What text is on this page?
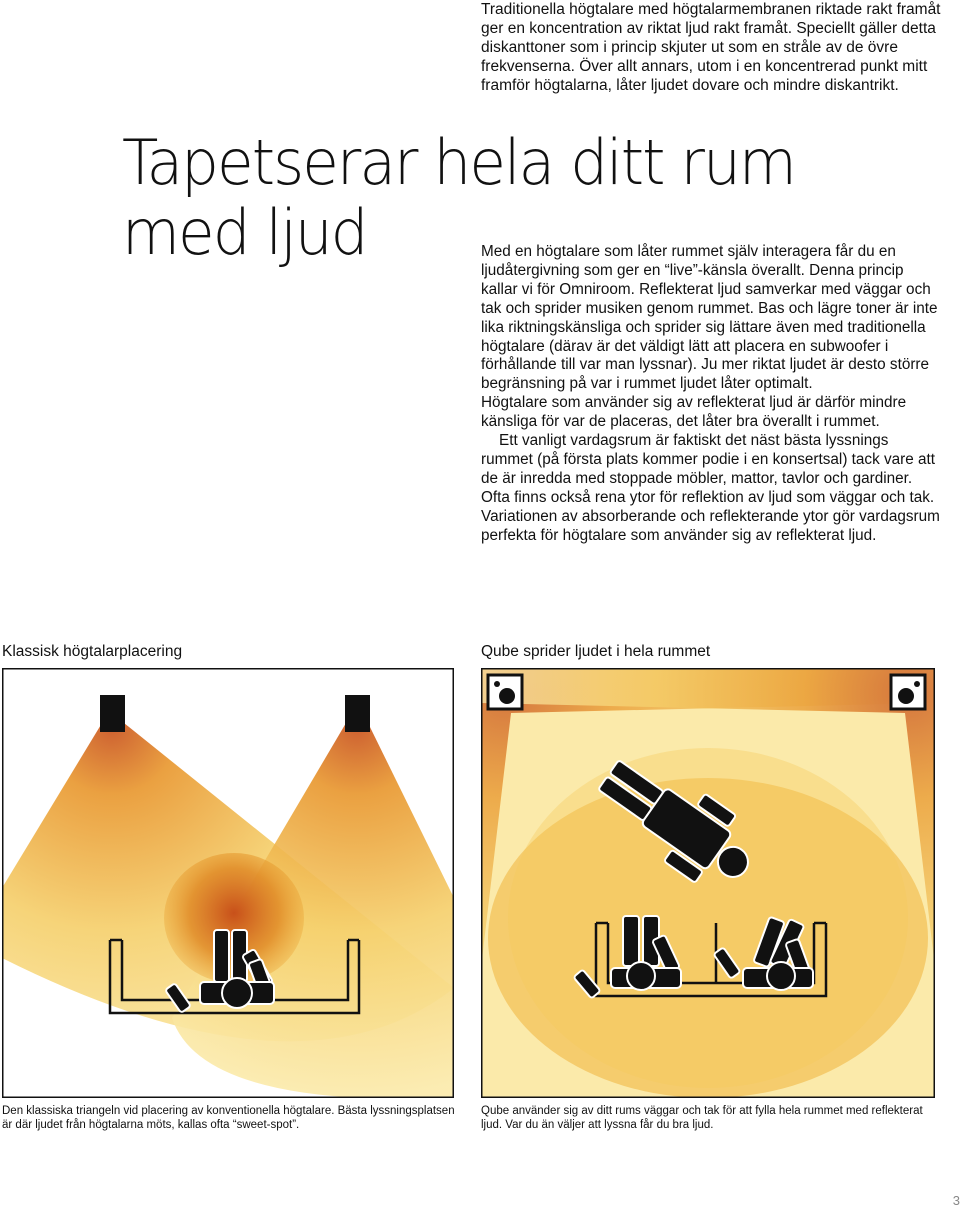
Traditionella högtalare med högtalarmembranen riktade rakt framåt ger en koncentration av riktat ljud rakt framåt. Speciellt gäller detta diskanttoner som i princip skjuter ut som en stråle av de övre frekvenserna. Över allt annars, utom i en koncentrerad punkt mitt framför högtalarna, låter ljudet dovare och mindre diskantrikt.

Tapetserar hela ditt rum med ljud	Med en högtalare som låter rummet själv interagera får du en ljudåtergivning som ger en “live”-känsla överallt. Denna princip kallar vi för Omniroom. Reflekterat ljud samverkar med väggar och tak och sprider musiken genom rummet. Bas och lägre toner är inte lika riktningskänsliga och sprider sig lättare även med traditionella högtalare (därav är det väldigt lätt att placera en subwoofer i förhållande till var man lyssnar). Ju mer riktat ljudet är desto större begränsning på var i rummet ljudet låter optimalt.

Högtalare som använder sig av reflekterat ljud är därför mindre känsliga för var de placeras, det låter bra överallt i rummet.

Ett vanligt vardagsrum är faktiskt det näst bästa lyssnings rummet (på första plats kommer podie i en konsertsal) tack vare att de är inredda med stoppade möbler, mattor, tavlor och gardiner. Ofta finns också rena ytor för reflektion av ljud som väggar och tak. Variationen av absorberande och reflekterande ytor gör vardagsrum perfekta för högtalare som använder sig av reflekterat ljud.

Klassisk högtalarplacering

Den klassiska triangeln vid placering av konventionella högtalare. Bästa lyssningsplatsen är där ljudet från högtalarna möts, kallas ofta “sweet-spot”.

Qube sprider ljudet i hela rummet

Qube använder sig av ditt rums väggar och tak för att fylla hela rummet med reflekterat ljud. Var du än väljer att lyssna får du bra ljud.

3
